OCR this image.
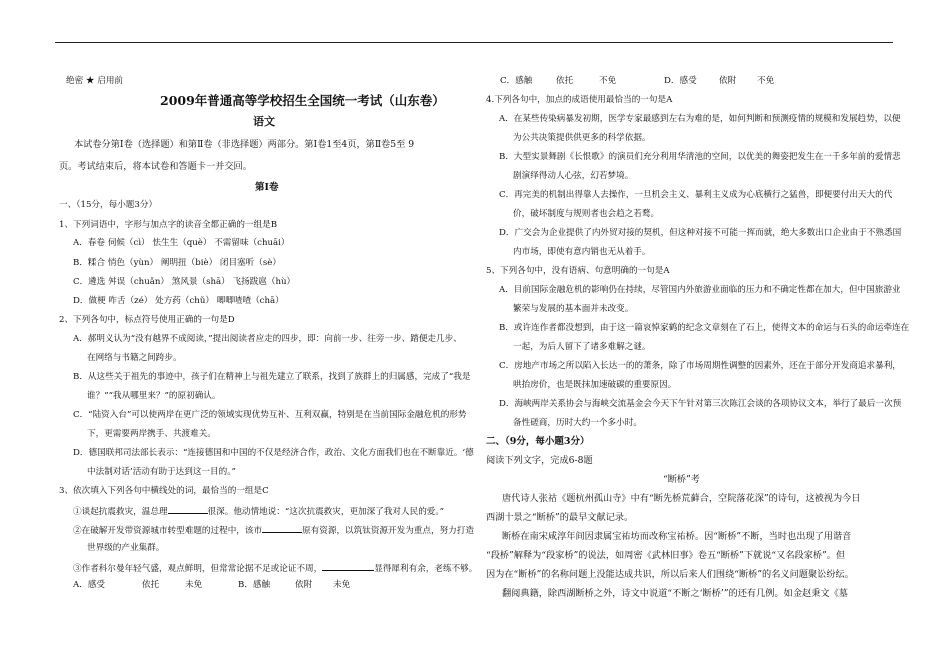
绝密 ★ 启用前
2009年普通高等学校招生全国统一考试（山东卷）
语文
本试卷分第Ⅰ卷（选择题）和第Ⅱ卷（非选择题）两部分。第Ⅰ卷1至4页，第Ⅱ卷5至 9
页。考试结束后，将本试卷和答题卡一并交回。
第Ⅰ卷
一、（15分，每小题3分）
1、下列词语中，字形与加点字的读音全都正确的一组是B
A．春卷 伺候（cì） 怯生生（què） 不需留味（chuāi）
B．糅合 悄色（yùn） 阐明扭（biè） 闭目塞听（sè）
C．遴选 舛误（chuǎn） 煞风景（shā） 飞扬跋扈（hù）
D．做梗 咋舌（zé） 处方药（chǔ） 唧唧喳喳（chā）
2、下列各句中，标点符号使用正确的一句是D
A．郝明义认为“没有越界不成阅读，”提出阅读者应走的四步，即：向前一步、往旁一步、踏便走几步、
在网络与书籍之间跨步。
B．从这些关于祖先的事迹中，孩子们在精神上与祖先建立了联系，找到了族群上的归属感，完成了“我是
谁？”“我从哪里来？”的原初确认。
C．“陆资入台”可以使两岸在更广泛的领域实现优势互补、互利双赢，特别是在当前国际金融危机的形势
下，更需要两岸携手、共渡难关。
D．德国联邦司法部长表示：“连接德国和中国的不仅是经济合作，政治、文化方面我们也在不断靠近。‘德
中法制对话’活动有助于达到这一目的。”
3、依次填入下列各句中横线处的词，最恰当的一组是C
①谈起抗震救灾，温总理	很深。他动情地说：“这次抗震救灾，更加深了我对人民的爱。”
②在破解开发带资源城市转型难题的过程中，该市	原有资源，以筑钛资源开发为重点，努力打造
世界级的产业集群。
③作者科尔曼年轻气盛，观点鲜明，但常常论据不足或论证不周，	显得犀利有余，老练不够。
A．感受	依托	未免	B．感触	依附 未免
C．感触	依托	不免	D．感受	依附 不免
4.下列各句中，加点的成语使用最恰当的一句是A
A．在某些传染病暴发初期，医学专家最感到左右为难的是，如何判断和预测疫情的规模和发展趋势，以便
为公共决策提供供更多的科学依据。
B．大型实景舞剧《长恨歌》的演员们充分利用华清池的空间，以优美的舞姿把发生在一千多年前的爱情悲
剧演绎得动人心弦，幻若梦境。
C．再完美的机制出得靠人去操作，一旦机会主义、暴利主义成为心底横行之猛兽，即便要付出天大的代
价，破坏制度与规则者也会趋之若鹜。
D．广交会为企业提供了内外贸对接的契机，但这种对接不可能一挥而就，绝大多数出口企业由于不熟悉国
内市场，即使有意内销也无从着手。
5、下列各句中，没有语病、句意明确的一句是A
A．目前国际金融危机的影响仍在持续，尽管国内外旅游业面临的压力和不确定性都在加大，但中国旅游业
繁荣与发展的基本面并未改变。
B．或许连作者都没想到，由于这一篇哀悼家鹤的纪念文章刻在了石上，使得文本的命运与石头的命运牵连在
一起，为后人留下了诸多难解之谜。
C．房地产市场之所以陷入长达一的的萧条，除了市场周期性调整的因素外，还在于部分开发商追求暴利，
哄抬房价，也是既抹加速破碳的重要原因。
D．海峡两岸关系协会与海峡交流基金会今天下午针对第三次陈江会谈的各项协议文本，举行了最后一次预
备性磋商，历时大约一个多小时。
二、（9分，每小题3分）
阅读下列文字，完成6-8题
“断桥”考
唐代诗人张祜《题杭州孤山寺》中有“断先桥荒藓合，空院落花深”的诗句，这被视为今日
西湖十景之“断桥”的最早文献记录。
断桥在南宋咸淳年间因隶属宝祐坊而改称宝祐桥。因“断桥”不断，当时也出现了用谐音
“段桥”解释为“段家桥”的说法，如周密《武林旧事》卷五“断桥”下就说“又名段家桥”。但
因为在“断桥”的名称问题上没能达成共识，所以后来人们围绕“断桥”的名义问题聚讼纷纭。
翻阅典籍，除西湖断桥之外，诗文中说道“不断之‘断桥’”的还有几例。如金赵秉文《墓
